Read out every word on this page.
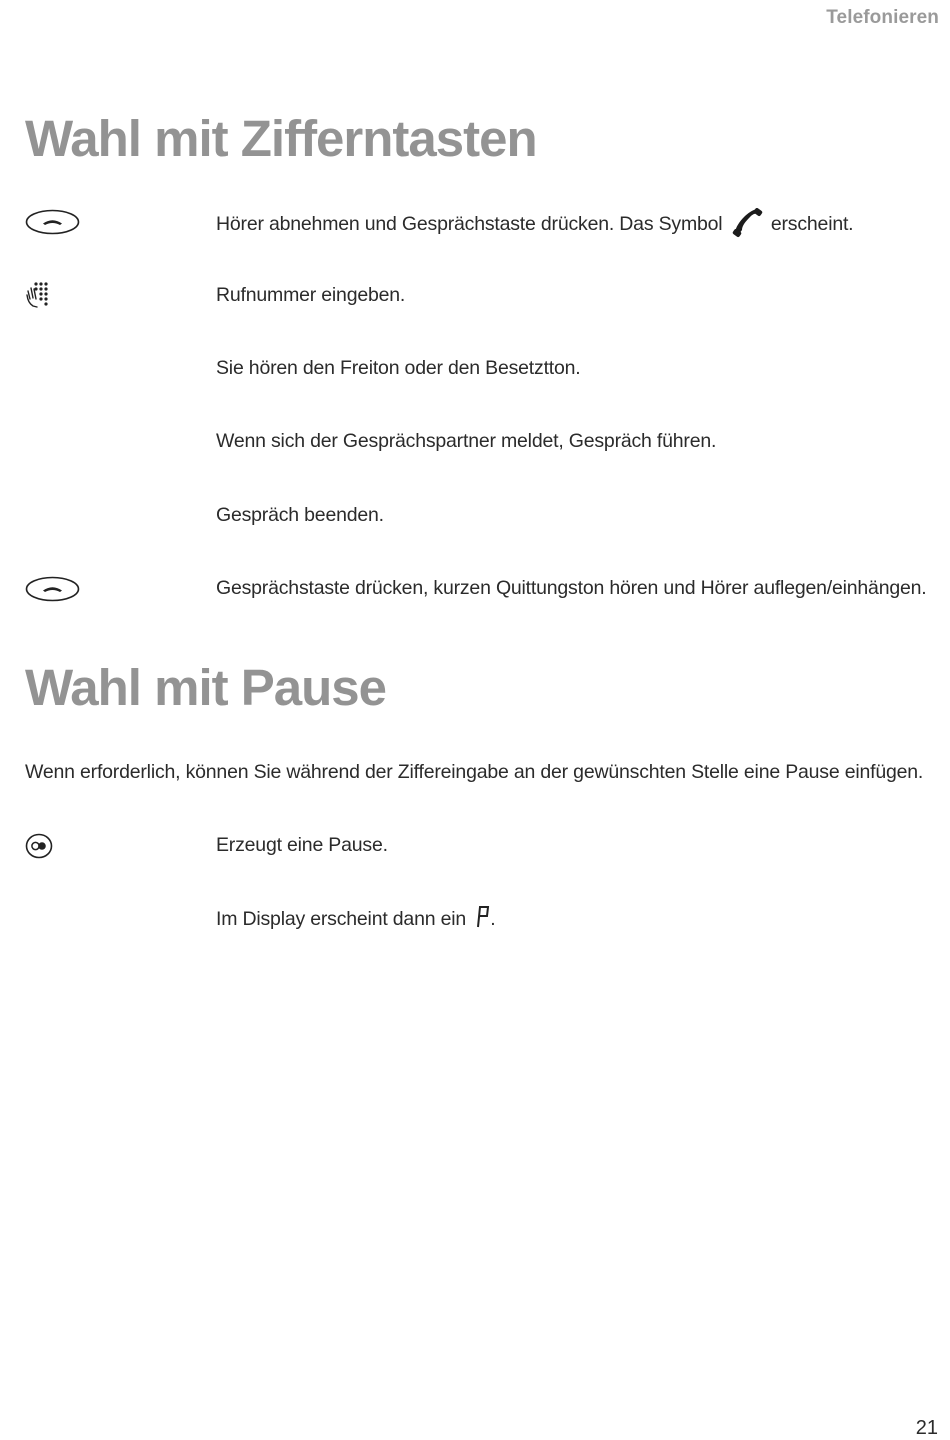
Telefonieren
Wahl mit Zifferntasten
Hörer abnehmen und Gesprächstaste drücken. Das Symbol erscheint.
Rufnummer eingeben.
Sie hören den Freiton oder den Besetztton.
Wenn sich der Gesprächspartner meldet, Gespräch führen.
Gespräch beenden.
Gesprächstaste drücken, kurzen Quittungston hören und Hörer auflegen/einhängen.
Wahl mit Pause
Wenn erforderlich, können Sie während der Ziffereingabe an der gewünschten Stelle eine Pause einfügen.
Erzeugt eine Pause.
Im Display erscheint dann ein .
21
